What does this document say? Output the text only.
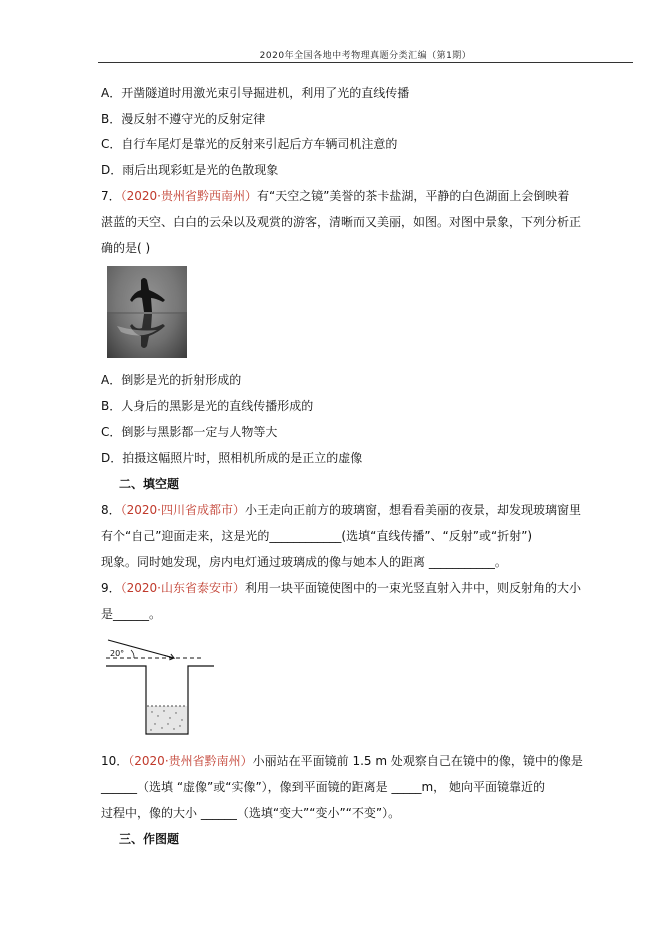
2020年全国各地中考物理真题分类汇编（第1期）
A．开凿隧道时用激光束引导掘进机，利用了光的直线传播
B．漫反射不遵守光的反射定律
C．自行车尾灯是靠光的反射来引起后方车辆司机注意的
D．雨后出现彩虹是光的色散现象
7．（2020·贵州省黔西南州）有“天空之镜”美誉的茶卡盐湖，平静的白色湖面上会倒映着
湛蓝的天空、白白的云朵以及观赏的游客，清晰而又美丽，如图。对图中景象，下列分析正
确的是( )
A．倒影是光的折射形成的
B．人身后的黑影是光的直线传播形成的
C．倒影与黑影都一定与人物等大
D．拍摄这幅照片时，照相机所成的是正立的虚像
二、填空题
8．（2020·四川省成都市）小王走向正前方的玻璃窗，想看看美丽的夜景，却发现玻璃窗里
有个“自己”迎面走来，这是光的____________(选填“直线传播”、“反射”或“折射”)
现象。同时她发现，房内电灯通过玻璃成的像与她本人的距离 ___________。
9．（2020·山东省泰安市）利用一块平面镜使图中的一束光竖直射入井中，则反射角的大小
是______。
20°
10．（2020·贵州省黔南州）小丽站在平面镜前 1.5 m 处观察自己在镜中的像，镜中的像是
______（选填 “虚像”或“实像”），像到平面镜的距离是 _____m， 她向平面镜靠近的
过程中，像的大小 ______（选填“变大”“变小”“不变”）。
三、作图题
